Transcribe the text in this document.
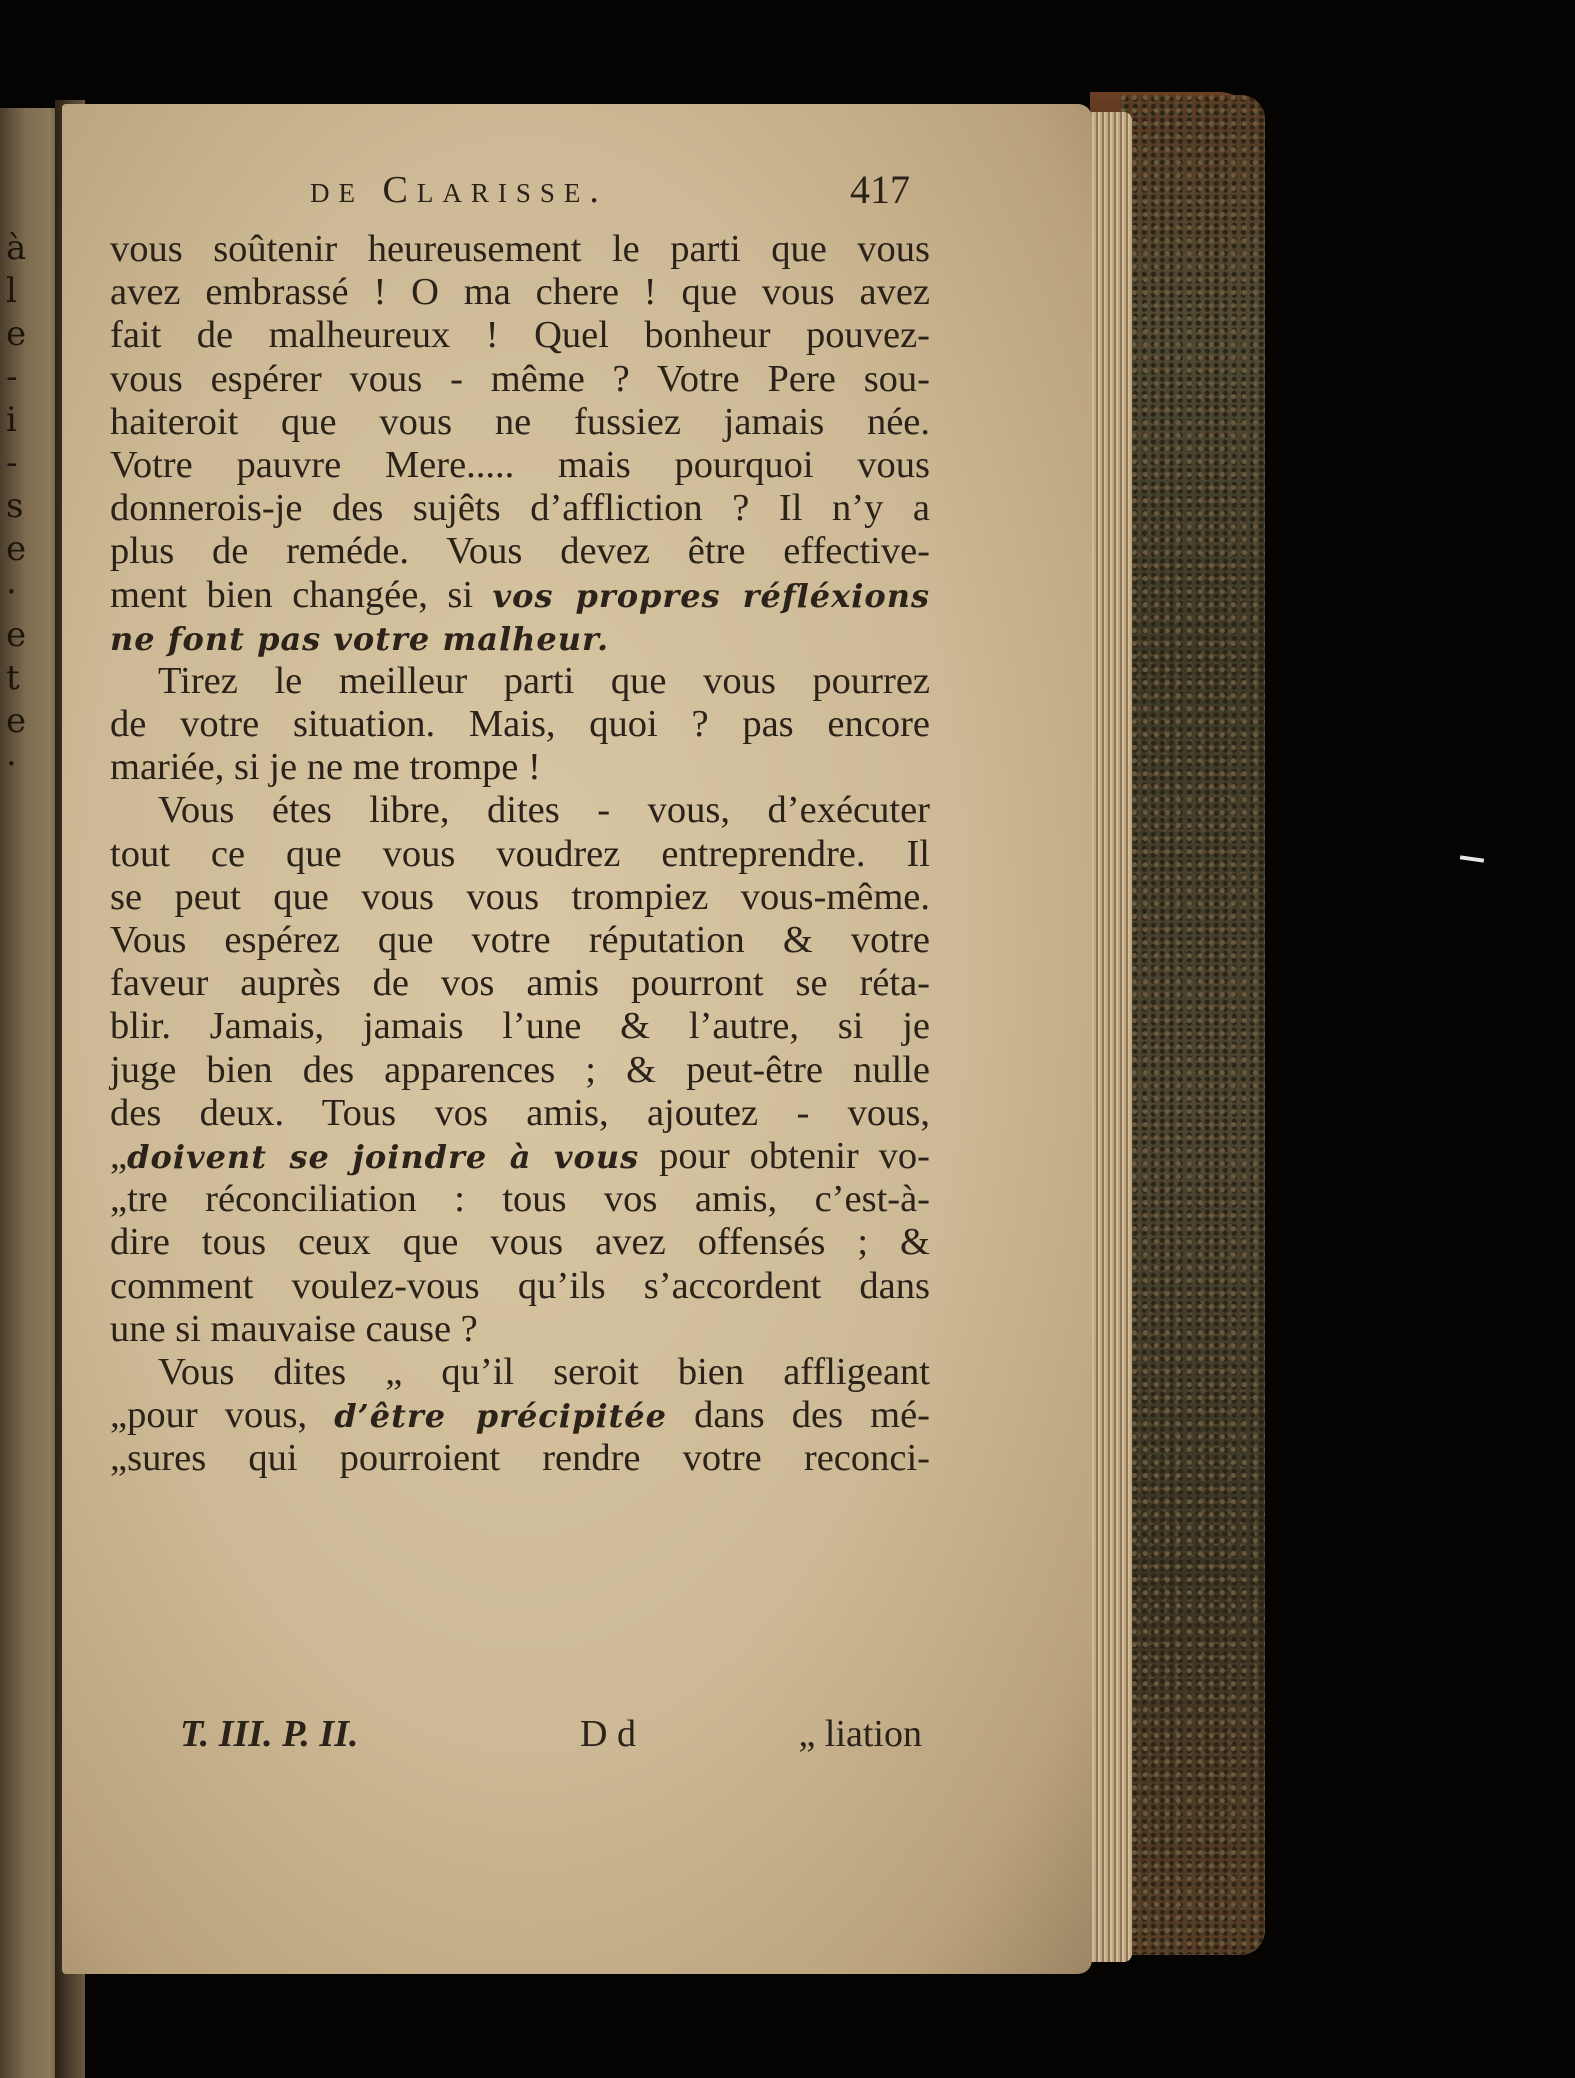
à
l
e
-
i
-
s
e
·
e
t
e
·
de Clarisse.	417
vous soûtenir heureusement le parti que vous
avez embrassé ! O ma chere ! que vous avez
fait de malheureux ! Quel bonheur pouvez-
vous espérer vous - même ? Votre Pere sou-
haiteroit que vous ne fussiez jamais née.
Votre pauvre Mere..... mais pourquoi vous
donnerois-je des sujêts d’affliction ? Il n’y a
plus de reméde. Vous devez être effective-
ment bien changée, si vos propres réfléxions
ne font pas votre malheur.
Tirez le meilleur parti que vous pourrez
de votre situation. Mais, quoi ? pas encore
mariée, si je ne me trompe !
Vous étes libre, dites - vous, d’exécuter
tout ce que vous voudrez entreprendre. Il
se peut que vous vous trompiez vous-même.
Vous espérez que votre réputation & votre
faveur auprès de vos amis pourront se réta-
blir. Jamais, jamais l’une & l’autre, si je
juge bien des apparences ; & peut-être nulle
des deux. Tous vos amis, ajoutez - vous,
„doivent se joindre à vous pour obtenir vo-
„tre réconciliation : tous vos amis, c’est-à-
dire tous ceux que vous avez offensés ; &
comment voulez-vous qu’ils s’accordent dans
une si mauvaise cause ?
Vous dites „ qu’il seroit bien affligeant
„pour vous, d’être précipitée dans des mé-
„sures qui pourroient rendre votre reconci-
T. III. P. II.	D d	„ liation
